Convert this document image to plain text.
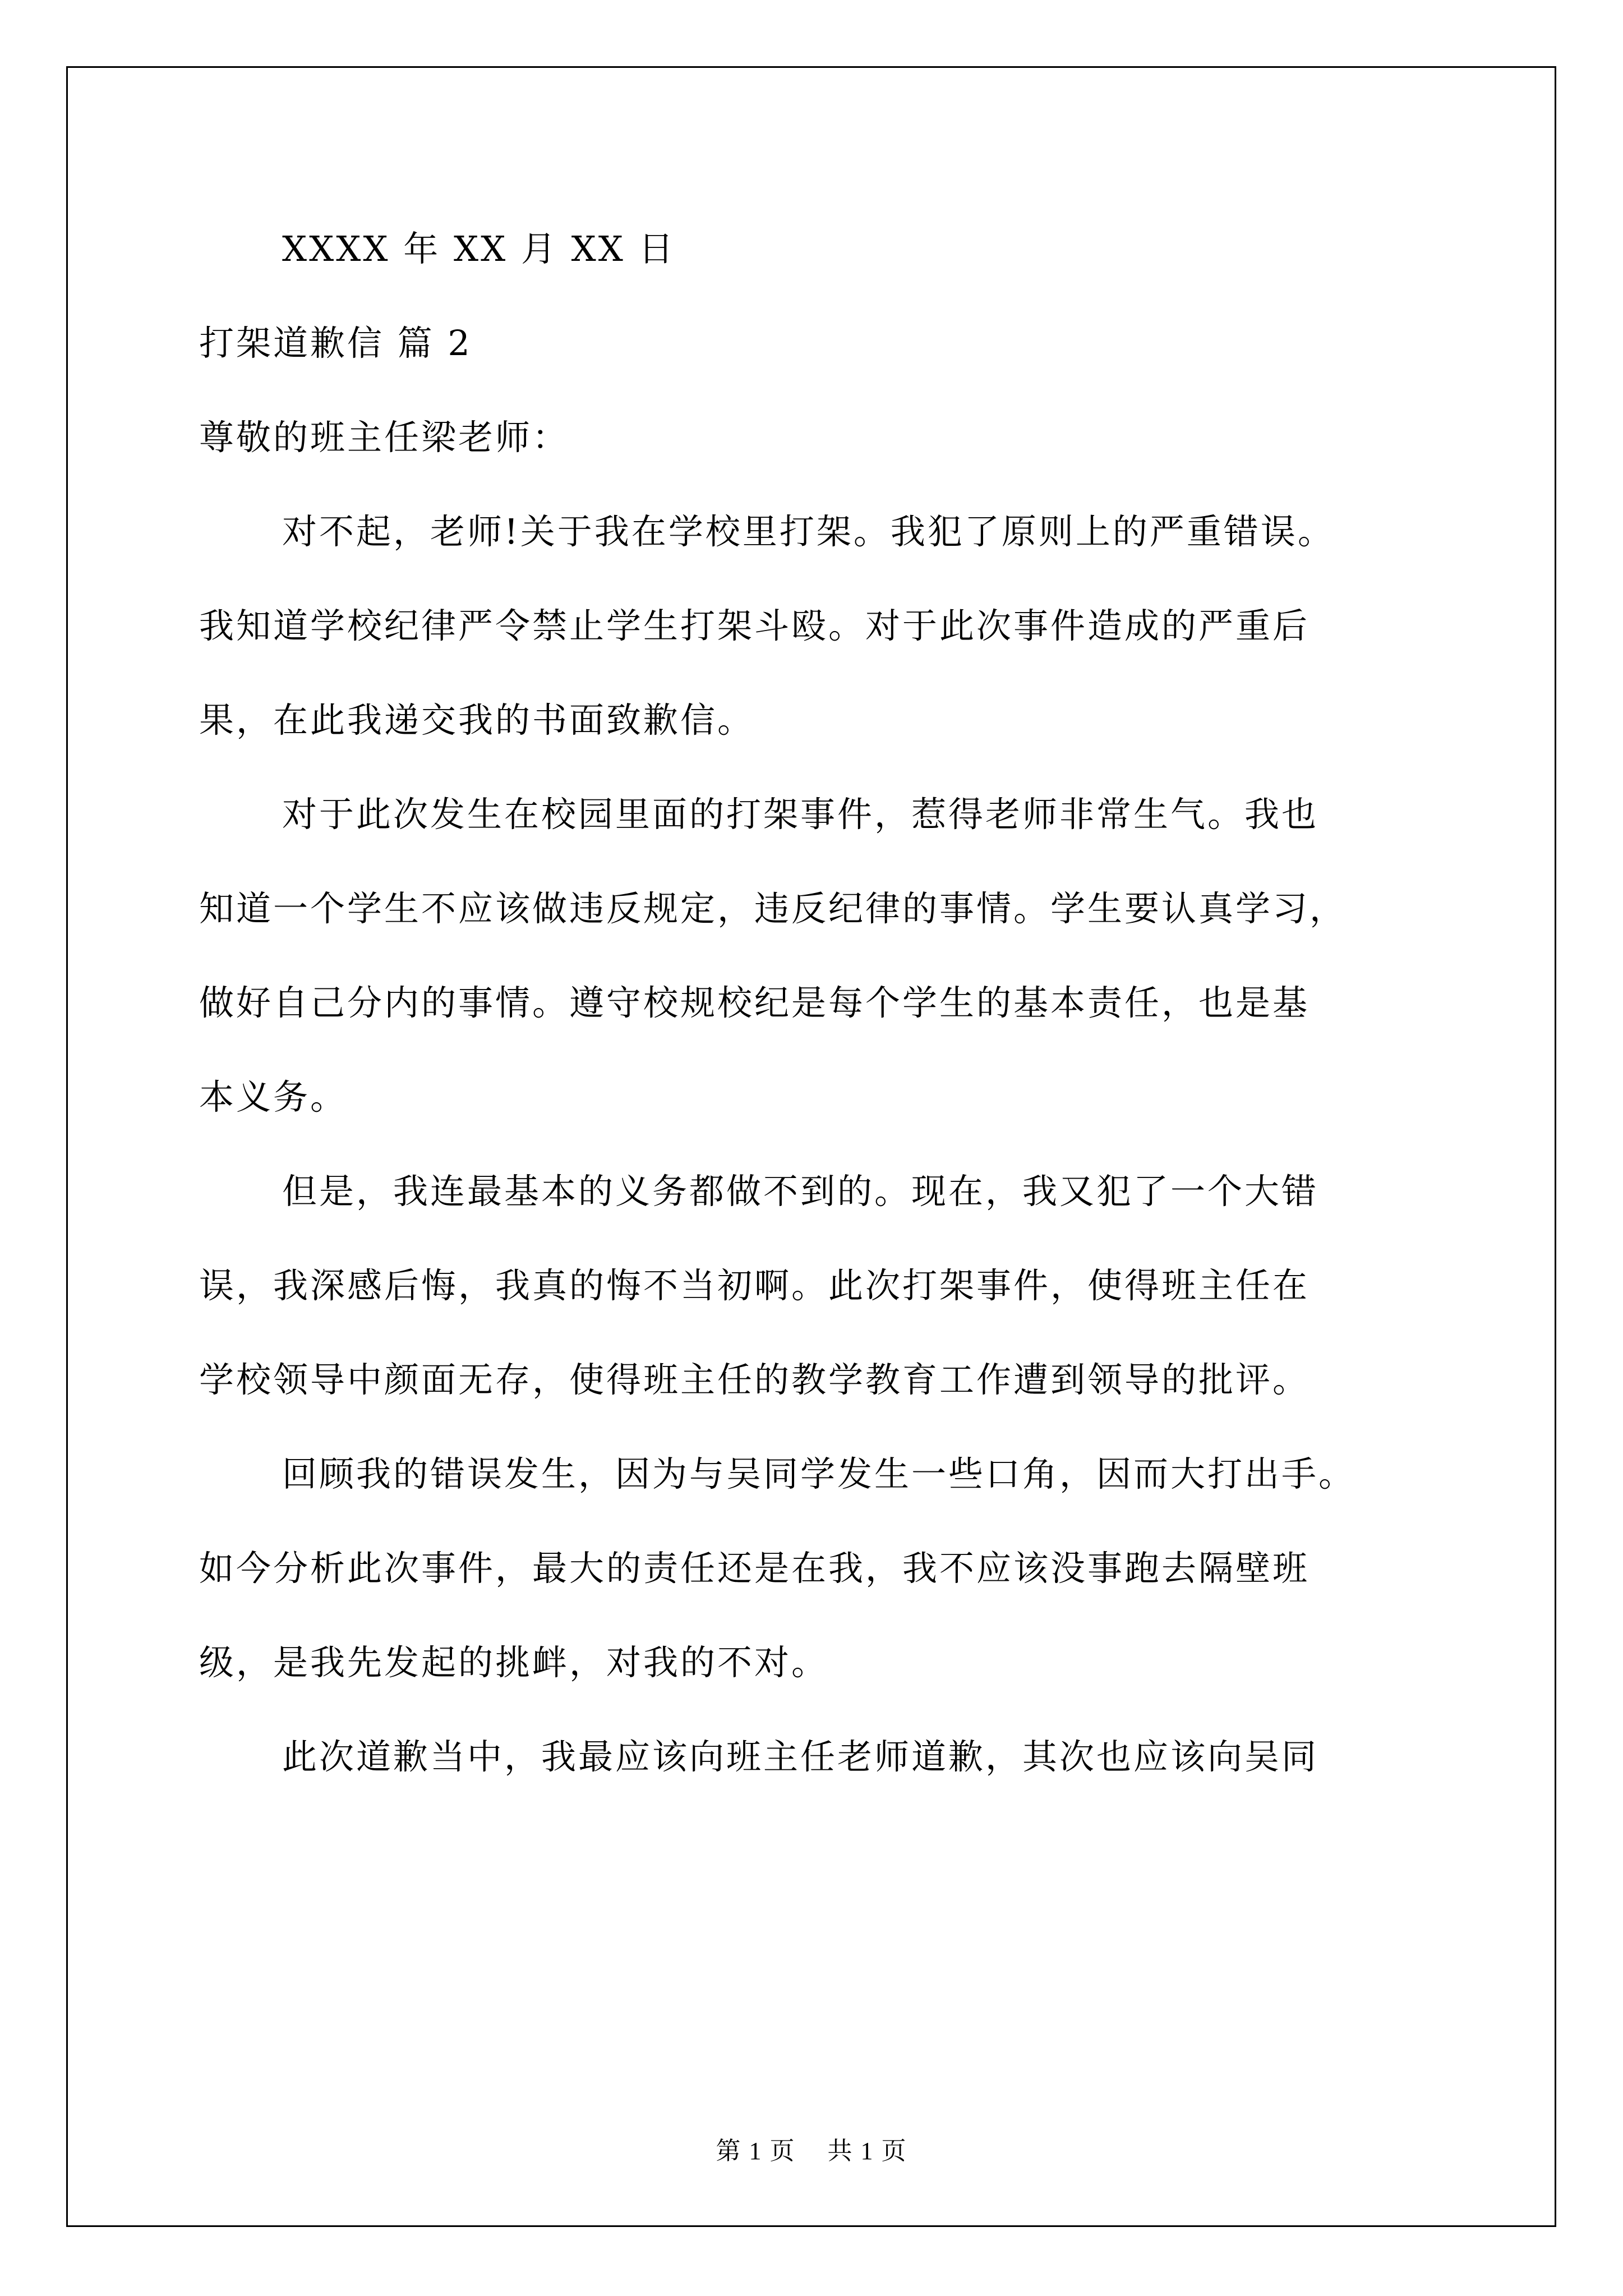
XXXX 年 XX 月 XX 日
打架道歉信 篇 2
尊敬的班主任梁老师：
对不起，老师!关于我在学校里打架。我犯了原则上的严重错误。
我知道学校纪律严令禁止学生打架斗殴。对于此次事件造成的严重后
果，在此我递交我的书面致歉信。
对于此次发生在校园里面的打架事件，惹得老师非常生气。我也
知道一个学生不应该做违反规定，违反纪律的事情。学生要认真学习，
做好自己分内的事情。遵守校规校纪是每个学生的基本责任，也是基
本义务。
但是，我连最基本的义务都做不到的。现在，我又犯了一个大错
误，我深感后悔，我真的悔不当初啊。此次打架事件，使得班主任在
学校领导中颜面无存，使得班主任的教学教育工作遭到领导的批评。
回顾我的错误发生，因为与吴同学发生一些口角，因而大打出手。
如今分析此次事件，最大的责任还是在我，我不应该没事跑去隔壁班
级，是我先发起的挑衅，对我的不对。
此次道歉当中，我最应该向班主任老师道歉，其次也应该向吴同
第 1 页 共 1 页
